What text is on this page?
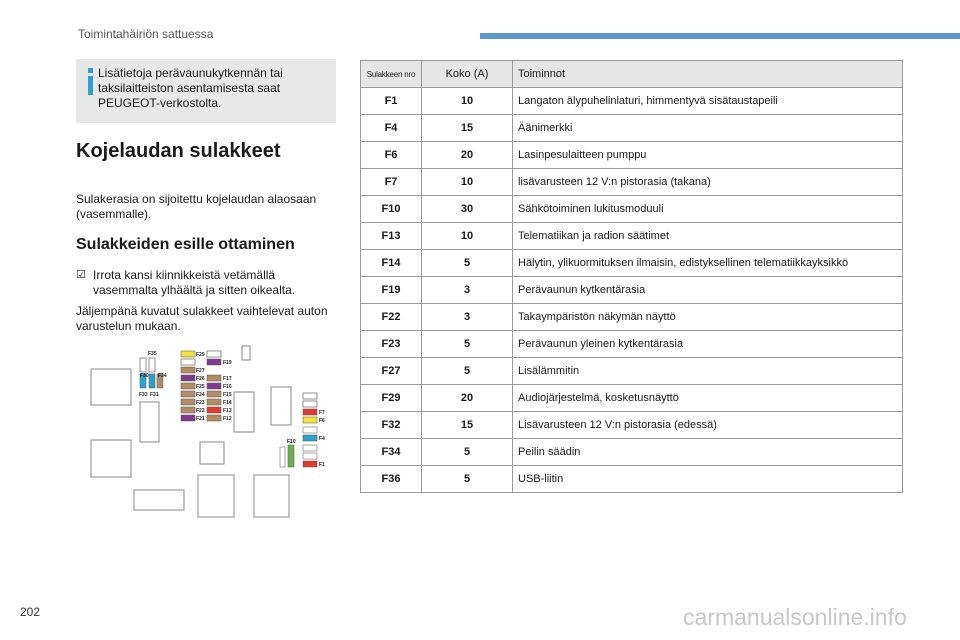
Toimintahäiriön sattuessa
Lisätietoja perävaunukytkennän tai taksilaitteiston asentamisesta saat PEUGEOT-verkostolta.
Kojelaudan sulakkeet
Sulakerasia on sijoitettu kojelaudan alaosaan (vasemmalle).
Sulakkeiden esille ottaminen
☑ Irrota kansi kiinnikkeistä vetämällä vasemmalta ylhäältä ja sitten oikealta.
Jäljempänä kuvatut sulakkeet vaihtelevat auton varustelun mukaan.
F35
F30 F34
F32 F31
F29
F19
F27
F26	F17
F25	F16
F24	F15
F23	F14
F22	F13
F21	F12
F7
F6
F10	F4
F1
Sulakkeen nro	Koko (A)	Toiminnot
F1	10	Langaton älypuhelinlaturi, himmentyvä sisätaustapeili
F4	15	Äänimerkki
F6	20	Lasinpesulaitteen pumppu
F7	10	lisävarusteen 12 V:n pistorasia (takana)
F10	30	Sähkötoiminen lukitusmoduuli
F13	10	Telematiikan ja radion säätimet
F14	5	Hälytin, ylikuormituksen ilmaisin, edistyksellinen telematiikkayksikkö
F19	3	Perävaunun kytkentärasia
F22	3	Takaympäristön näkymän näyttö
F23	5	Perävaunun yleinen kytkentärasia
F27	5	Lisälämmitin
F29	20	Audiojärjestelmä, kosketusnäyttö
F32	15	Lisävarusteen 12 V:n pistorasia (edessä)
F34	5	Peilin säädin
F36	5	USB-liitin
202	carmanualsonline.info
